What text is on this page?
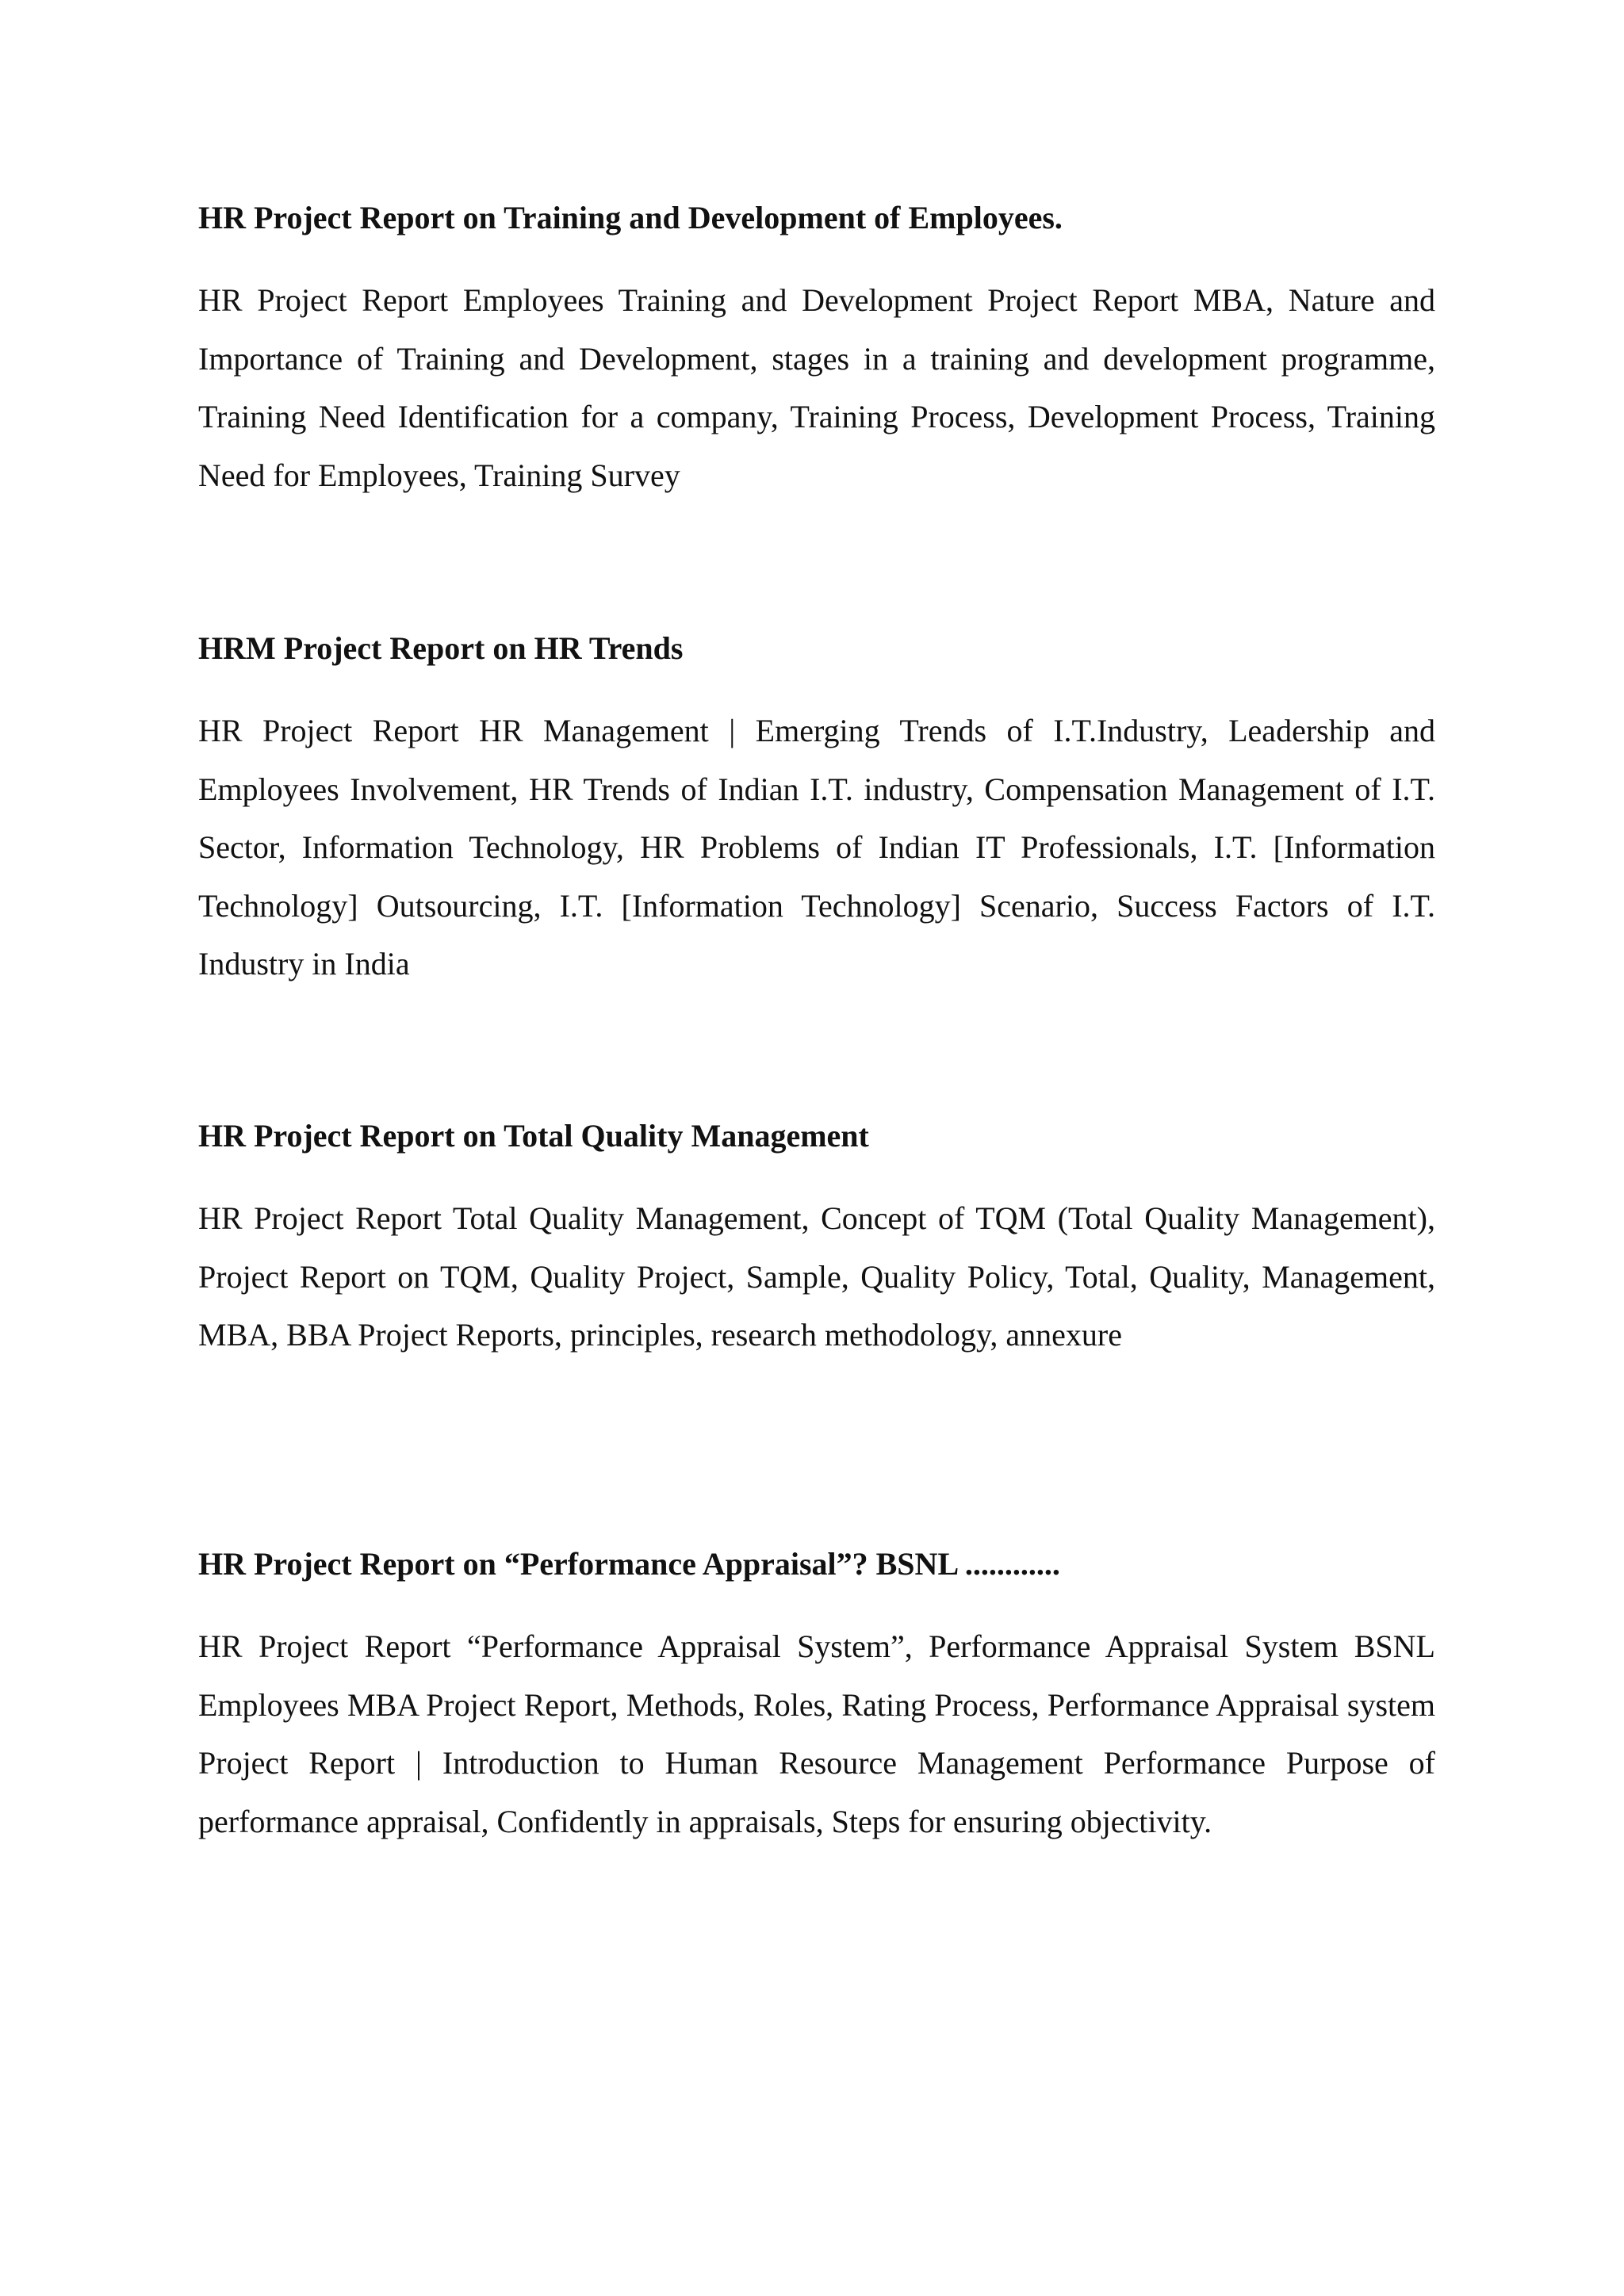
HR Project Report on Training and Development of Employees.

HR Project Report Employees Training and Development Project Report MBA, Nature and Importance of Training and Development, stages in a training and development programme, Training Need Identification for a company, Training Process, Development Process, Training Need for Employees, Training Survey

HRM Project Report on HR Trends

HR Project Report HR Management | Emerging Trends of I.T.Industry, Leadership and Employees Involvement, HR Trends of Indian I.T. industry, Compensation Management of I.T. Sector, Information Technology, HR Problems of Indian IT Professionals, I.T. [Information Technology] Outsourcing, I.T. [Information Technology] Scenario, Success Factors of I.T. Industry in India

HR Project Report on Total Quality Management

HR Project Report Total Quality Management, Concept of TQM (Total Quality Management), Project Report on TQM, Quality Project, Sample, Quality Policy, Total, Quality, Management, MBA, BBA Project Reports, principles, research methodology, annexure

HR Project Report on “Performance Appraisal”? BSNL ............

HR Project Report “Performance Appraisal System”, Performance Appraisal System BSNL Employees MBA Project Report, Methods, Roles, Rating Process, Performance Appraisal system Project Report | Introduction to Human Resource Management Performance Purpose of performance appraisal, Confidently in appraisals, Steps for ensuring objectivity.
